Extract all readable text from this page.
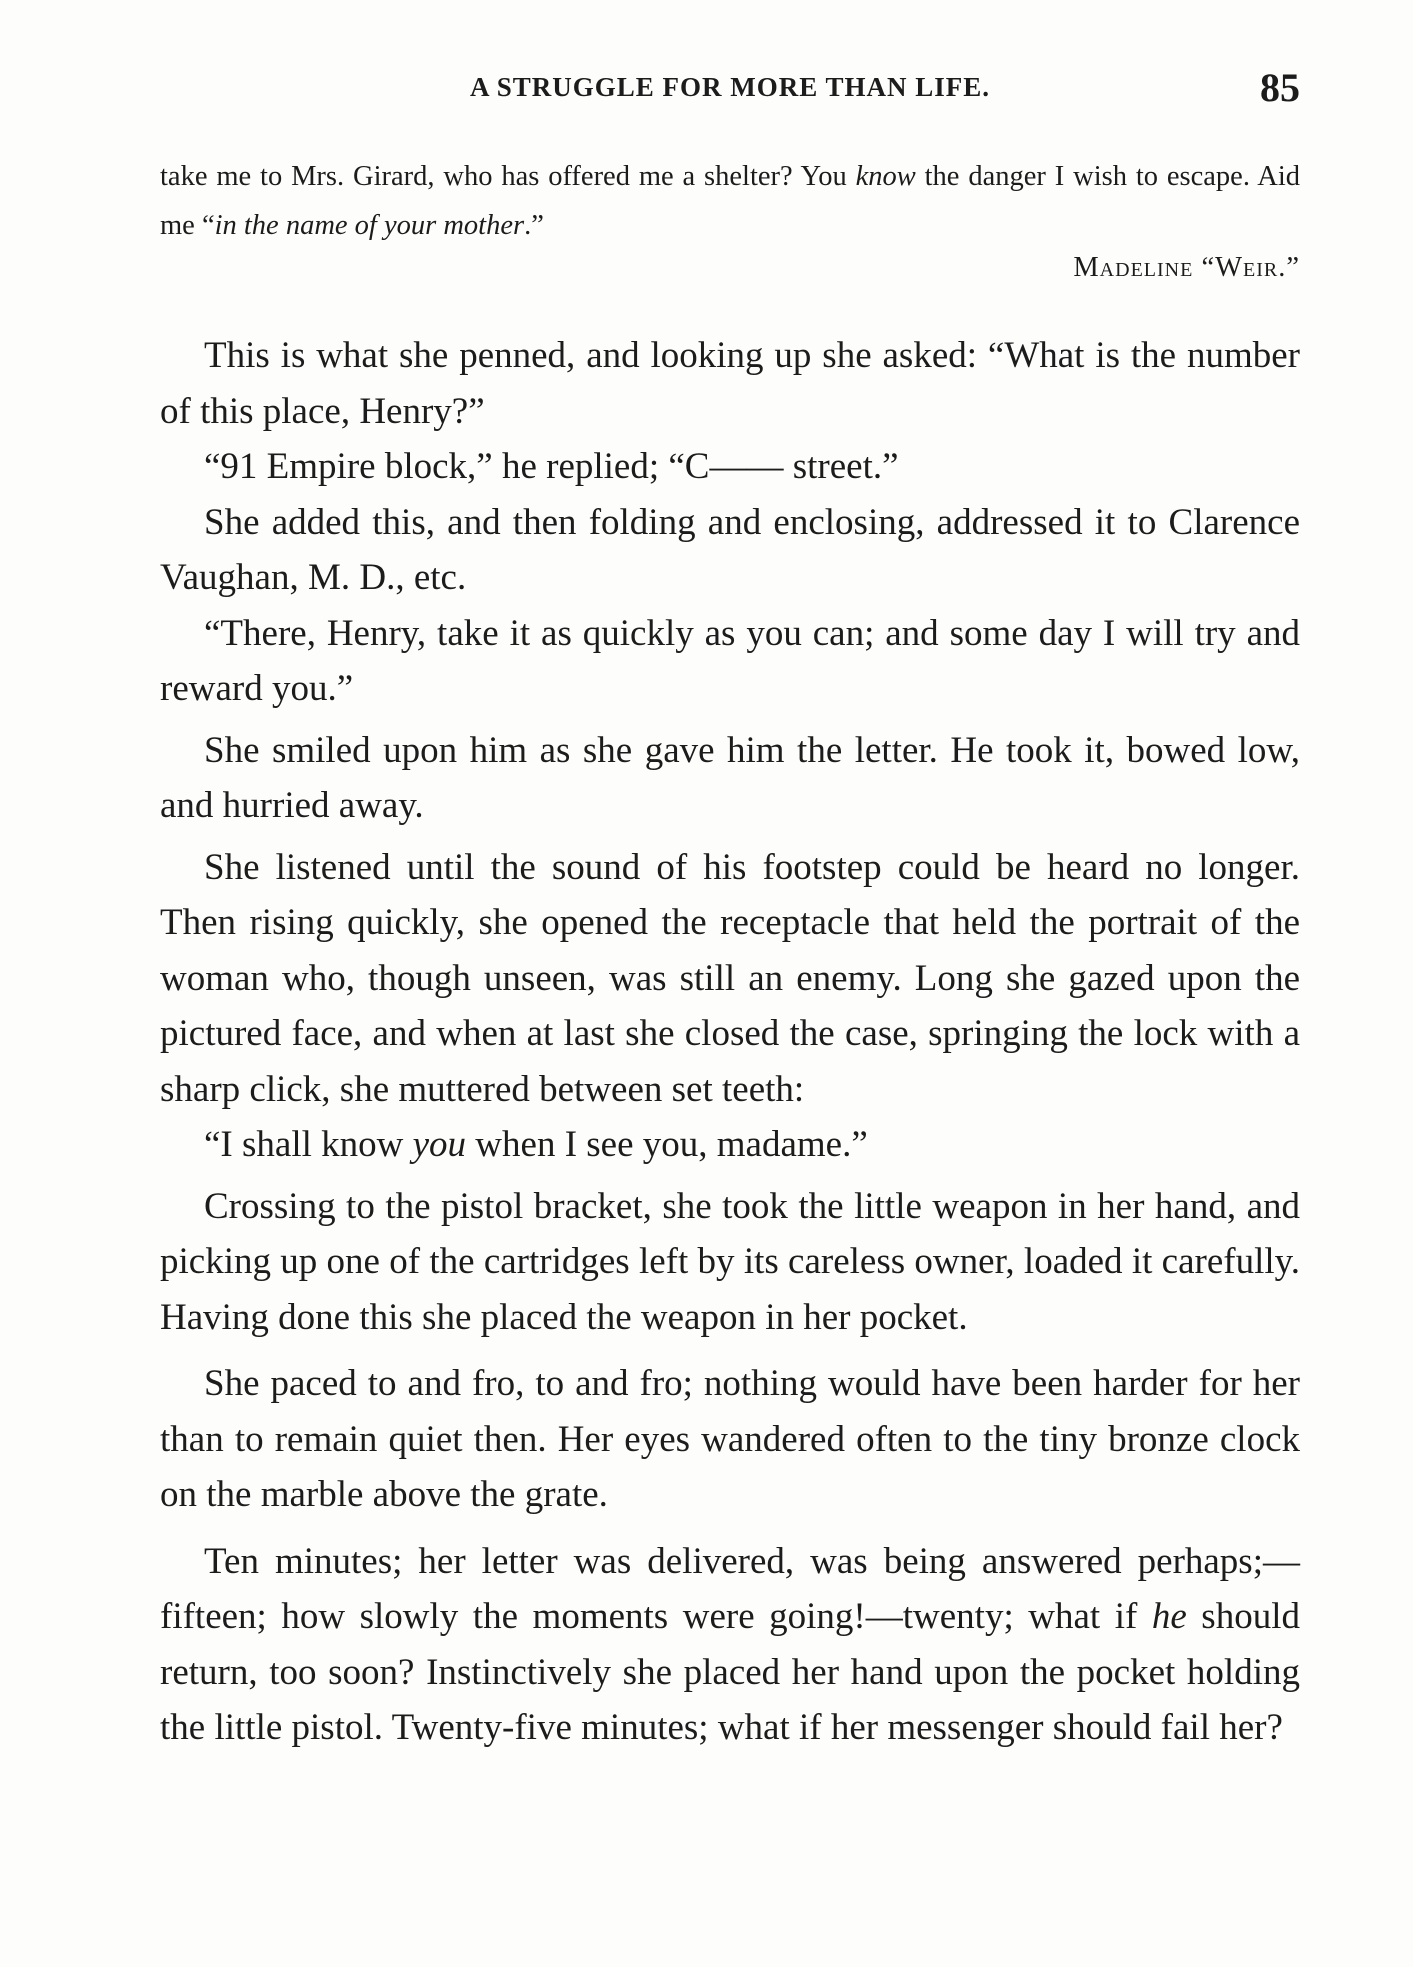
A STRUGGLE FOR MORE THAN LIFE.	85

take me to Mrs. Girard, who has offered me a shelter? You know the danger I wish to escape. Aid me “in the name of your mother.”

Madeline “Weir.”

This is what she penned, and looking up she asked: “What is the number of this place, Henry?”

“91 Empire block,” he replied; “C—— street.”

She added this, and then folding and enclosing, addressed it to Clarence Vaughan, M. D., etc.

“There, Henry, take it as quickly as you can; and some day I will try and reward you.”

She smiled upon him as she gave him the letter. He took it, bowed low, and hurried away.

She listened until the sound of his footstep could be heard no longer. Then rising quickly, she opened the receptacle that held the portrait of the woman who, though unseen, was still an enemy. Long she gazed upon the pictured face, and when at last she closed the case, springing the lock with a sharp click, she muttered between set teeth:

“I shall know you when I see you, madame.”

Crossing to the pistol bracket, she took the little weapon in her hand, and picking up one of the cartridges left by its careless owner, loaded it carefully. Having done this she placed the weapon in her pocket.

She paced to and fro, to and fro; nothing would have been harder for her than to remain quiet then. Her eyes wandered often to the tiny bronze clock on the marble above the grate.

Ten minutes; her letter was delivered, was being answered perhaps;—fifteen; how slowly the moments were going!—twenty; what if he should return, too soon? Instinctively she placed her hand upon the pocket holding the little pistol. Twenty-five minutes; what if her messenger should fail her?
